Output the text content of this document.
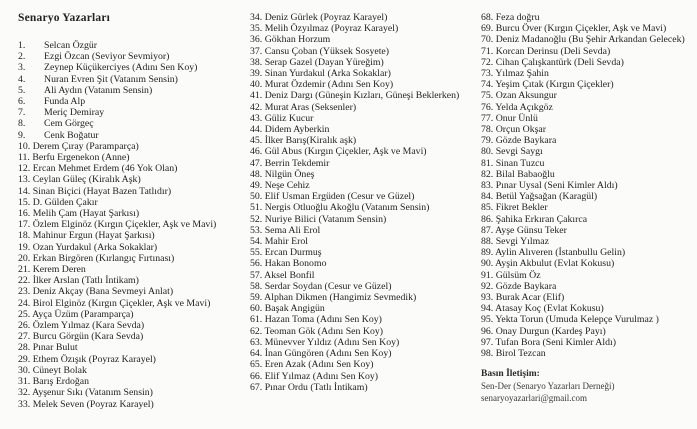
Senaryo Yazarları
1. Selcan Özgür
2. Ezgi Özcan (Seviyor Sevmiyor)
3. Zeynep Küçükerciyes (Adını Sen Koy)
4. Nuran Evren Şit (Vatanım Sensin)
5. Ali Aydın (Vatanım Sensin)
6. Funda Alp
7. Meriç Demiray
8. Cem Görgeç
9. Cenk Boğatur
10. Derem Çıray (Paramparça)
11. Berfu Ergenekon (Anne)
12. Ercan Mehmet Erdem (46 Yok Olan)
13. Ceylan Güleç (Kiralık Aşk)
14. Sinan Biçici (Hayat Bazen Tatlıdır)
15. D. Gülden Çakır
16. Melih Çam (Hayat Şarkısı)
17. Özlem Elginöz (Kırgın Çiçekler, Aşk ve Mavi)
18. Mahinur Ergun (Hayat Şarkısı)
19. Ozan Yurdakul (Arka Sokaklar)
20. Erkan Birgören (Kırlangıç Fırtınası)
21. Kerem Deren
22. İlker Arslan (Tatlı İntikam)
23. Deniz Akçay (Bana Sevmeyi Anlat)
24. Birol Elginöz (Kırgın Çiçekler, Aşk ve Mavi)
25. Ayça Üzüm (Paramparça)
26. Özlem Yılmaz (Kara Sevda)
27. Burcu Görgün (Kara Sevda)
28. Pınar Bulut
29. Ethem Özışık (Poyraz Karayel)
30. Cüneyt Bolak
31. Barış Erdoğan
32. Ayşenur Sıkı (Vatanım Sensin)
33. Melek Seven (Poyraz Karayel)
34. Deniz Gürlek (Poyraz Karayel)
35. Melih Özyılmaz (Poyraz Karayel)
36. Gökhan Horzum
37. Cansu Çoban (Yüksek Sosyete)
38. Serap Gazel (Dayan Yüreğim)
39. Sinan Yurdakul (Arka Sokaklar)
40. Murat Özdemir (Adını Sen Koy)
41. Deniz Dargı (Güneşin Kızları, Güneşi Beklerken)
42. Murat Aras (Seksenler)
43. Güliz Kucur
44. Didem Ayberkin
45. İlker Barış(Kiralık aşk)
46. Gül Abus (Kırgın Çiçekler, Aşk ve Mavi)
47. Berrin Tekdemir
48. Nilgün Öneş
49. Neşe Cehiz
50. Elif Usman Ergüden (Cesur ve Güzel)
51. Nergis Otluoğlu Akoğlu (Vatanım Sensin)
52. Nuriye Bilici (Vatanım Sensin)
53. Sema Ali Erol
54. Mahir Erol
55. Ercan Durmuş
56. Hakan Bonomo
57. Aksel Bonfil
58. Serdar Soydan (Cesur ve Güzel)
59. Alphan Dikmen (Hangimiz Sevmedik)
60. Başak Angigün
61. Hazan Toma (Adını Sen Koy)
62. Teoman Gök (Adını Sen Koy)
63. Münevver Yıldız (Adını Sen Koy)
64. İnan Güngören (Adını Sen Koy)
65. Eren Azak (Adını Sen Koy)
66. Elif Yılmaz (Adını Sen Koy)
67. Pınar Ordu (Tatlı İntikam)
68. Feza doğru
69. Burcu Över (Kırgın Çiçekler, Aşk ve Mavi)
70. Deniz Madanoğlu (Bu Şehir Arkandan Gelecek)
71. Korcan Derinsu (Deli Sevda)
72. Cihan Çalışkantürk (Deli Sevda)
73. Yılmaz Şahin
74. Yeşim Çıtak (Kırgın Çiçekler)
75. Ozan Aksungur
76. Yelda Açıkgöz
77. Onur Ünlü
78. Orçun Okşar
79. Gözde Baykara
80. Sevgi Saygı
81. Sinan Tuzcu
82. Bilal Babaoğlu
83. Pınar Uysal (Seni Kimler Aldı)
84. Betül Yağsağan (Karagül)
85. Fikret Bekler
86. Şahika Erkıran Çakırca
87. Ayşe Günsu Teker
88. Sevgi Yılmaz
89. Aylin Alıveren (İstanbullu Gelin)
90. Ayşin Akbulut (Evlat Kokusu)
91. Gülsüm Öz
92. Gözde Baykara
93. Burak Acar (Elif)
94. Atasay Koç (Evlat Kokusu)
95. Yekta Torun (Umuda Kelepçe Vurulmaz )
96. Onay Durgun (Kardeş Payı)
97. Tufan Bora (Seni Kimler Aldı)
98. Birol Tezcan
Basın İletişim:
Sen-Der (Senaryo Yazarları Derneği)
senaryoyazarlari@gmail.com
